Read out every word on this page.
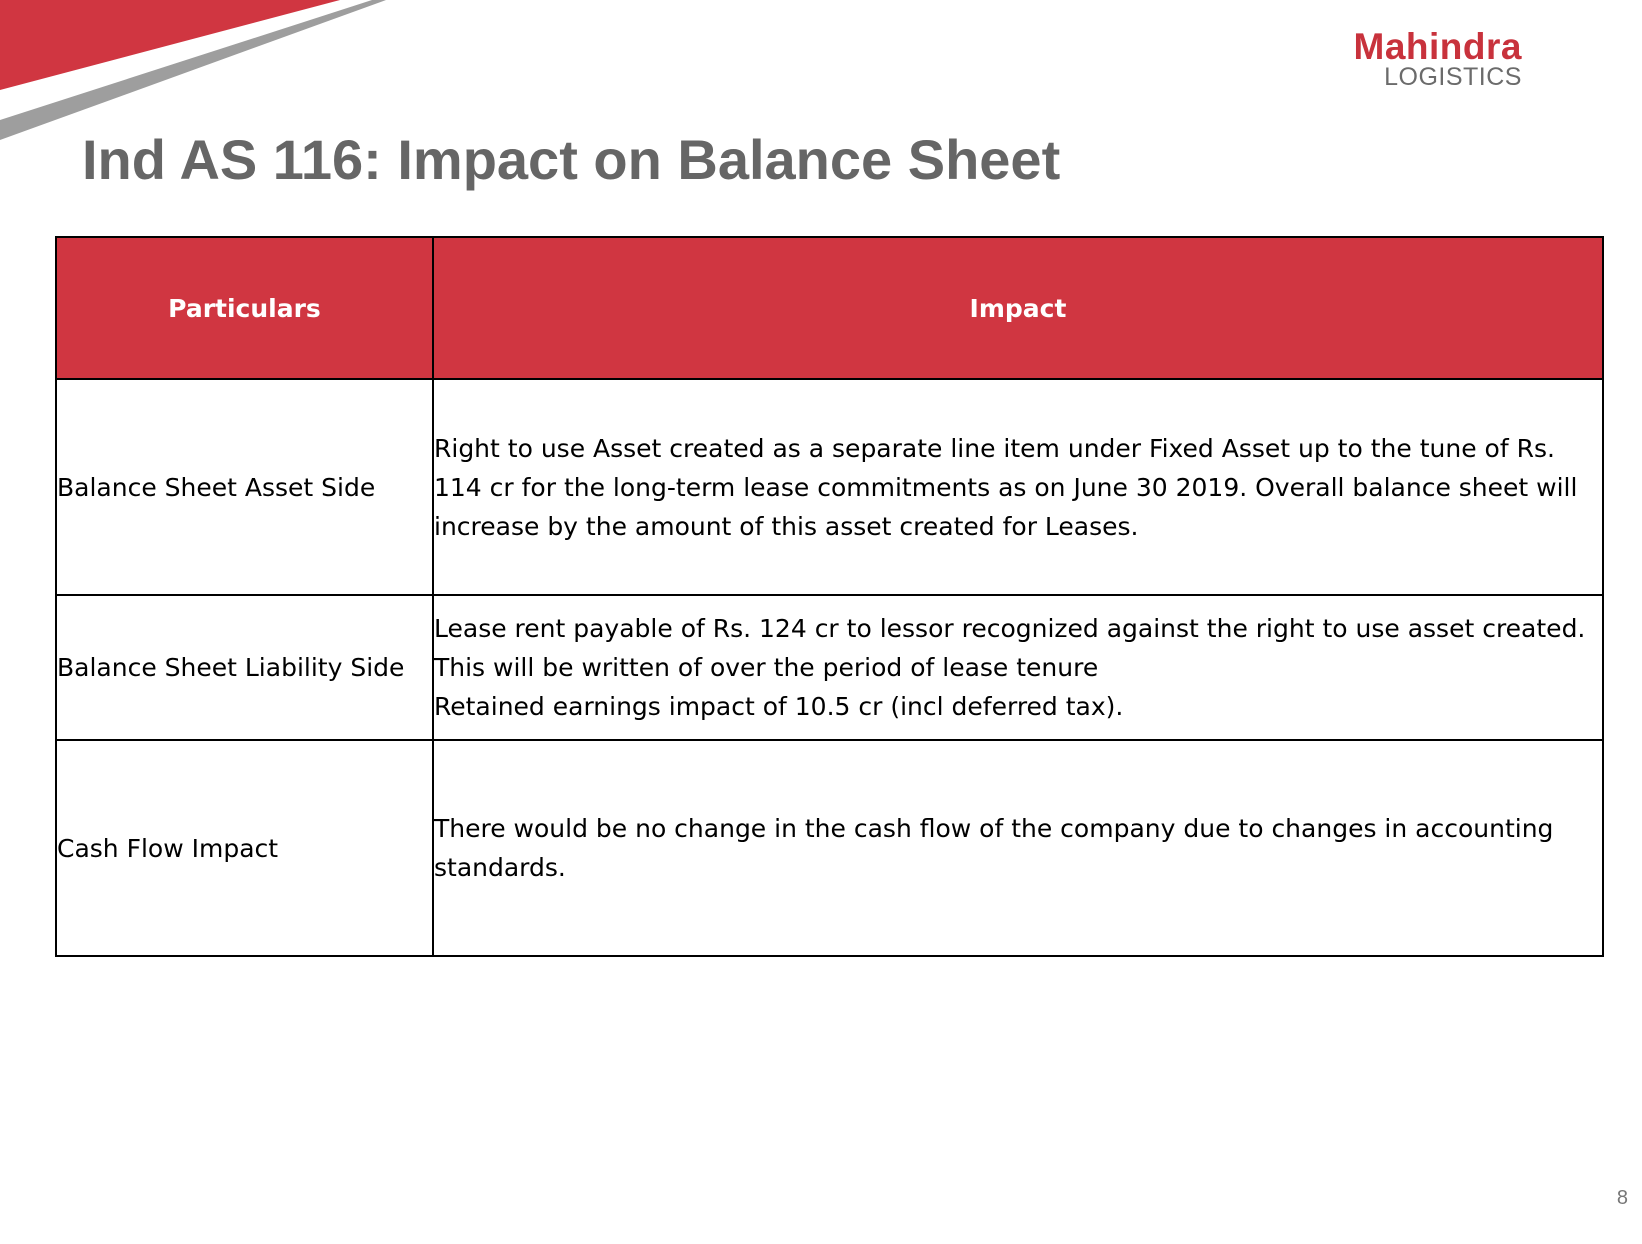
Mahindra
LOGISTICS
Ind AS 116: Impact on Balance Sheet
Particulars	Impact
Balance Sheet Asset Side	Right to use Asset created as a separate line item under Fixed Asset up to the tune of Rs. 114 cr for the long-term lease commitments as on June 30 2019. Overall balance sheet will increase by the amount of this asset created for Leases.

Balance Sheet Liability Side	Lease rent payable of Rs. 124 cr to lessor recognized against the right to use asset created. This will be written of over the period of lease tenure
Retained earnings impact of 10.5 cr (incl deferred tax).

Cash Flow Impact	There would be no change in the cash flow of the company due to changes in accounting standards.
8
